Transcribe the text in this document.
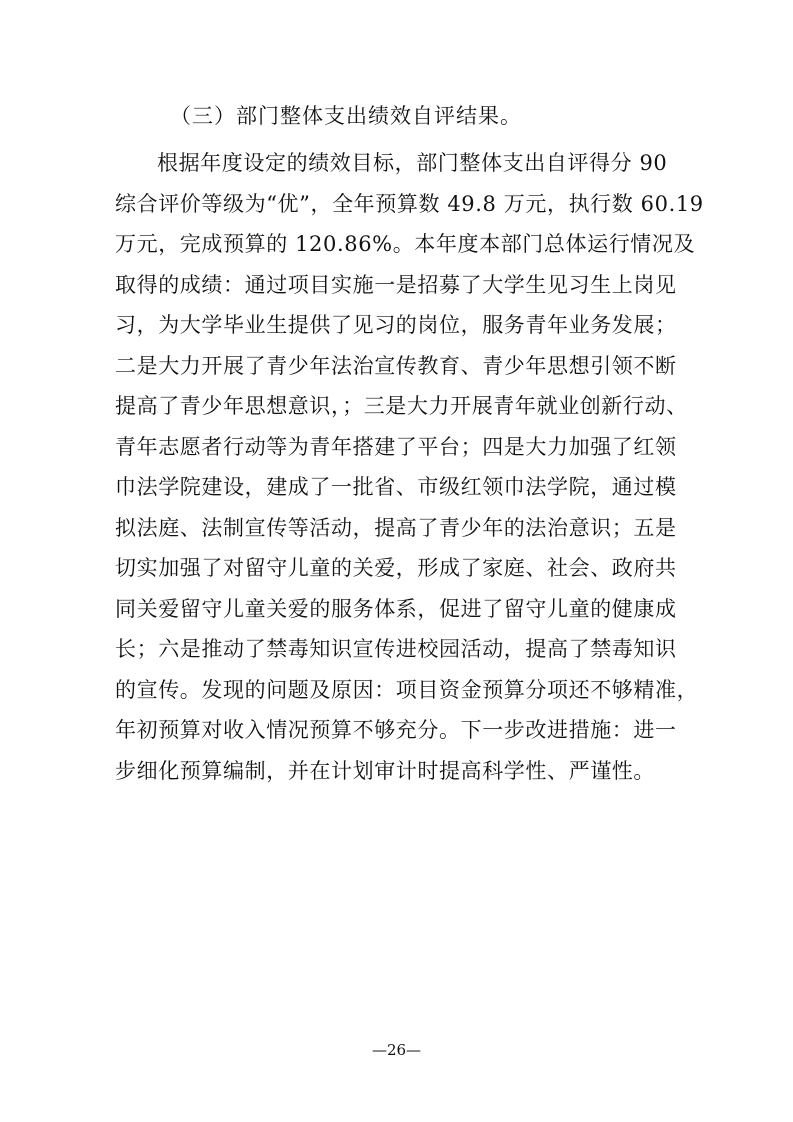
（三）部门整体支出绩效自评结果。
根据年度设定的绩效目标，部门整体支出自评得分 90
综合评价等级为“优”，全年预算数 49.8 万元，执行数 60.19
万元，完成预算的 120.86%。本年度本部门总体运行情况及
取得的成绩：通过项目实施一是招募了大学生见习生上岗见
习，为大学毕业生提供了见习的岗位，服务青年业务发展；
二是大力开展了青少年法治宣传教育、青少年思想引领不断
提高了青少年思想意识，；三是大力开展青年就业创新行动、
青年志愿者行动等为青年搭建了平台；四是大力加强了红领
巾法学院建设，建成了一批省、市级红领巾法学院，通过模
拟法庭、法制宣传等活动，提高了青少年的法治意识；五是
切实加强了对留守儿童的关爱，形成了家庭、社会、政府共
同关爱留守儿童关爱的服务体系，促进了留守儿童的健康成
长；六是推动了禁毒知识宣传进校园活动，提高了禁毒知识
的宣传。发现的问题及原因：项目资金预算分项还不够精准，
年初预算对收入情况预算不够充分。下一步改进措施：进一
步细化预算编制，并在计划审计时提高科学性、严谨性。
—26—
